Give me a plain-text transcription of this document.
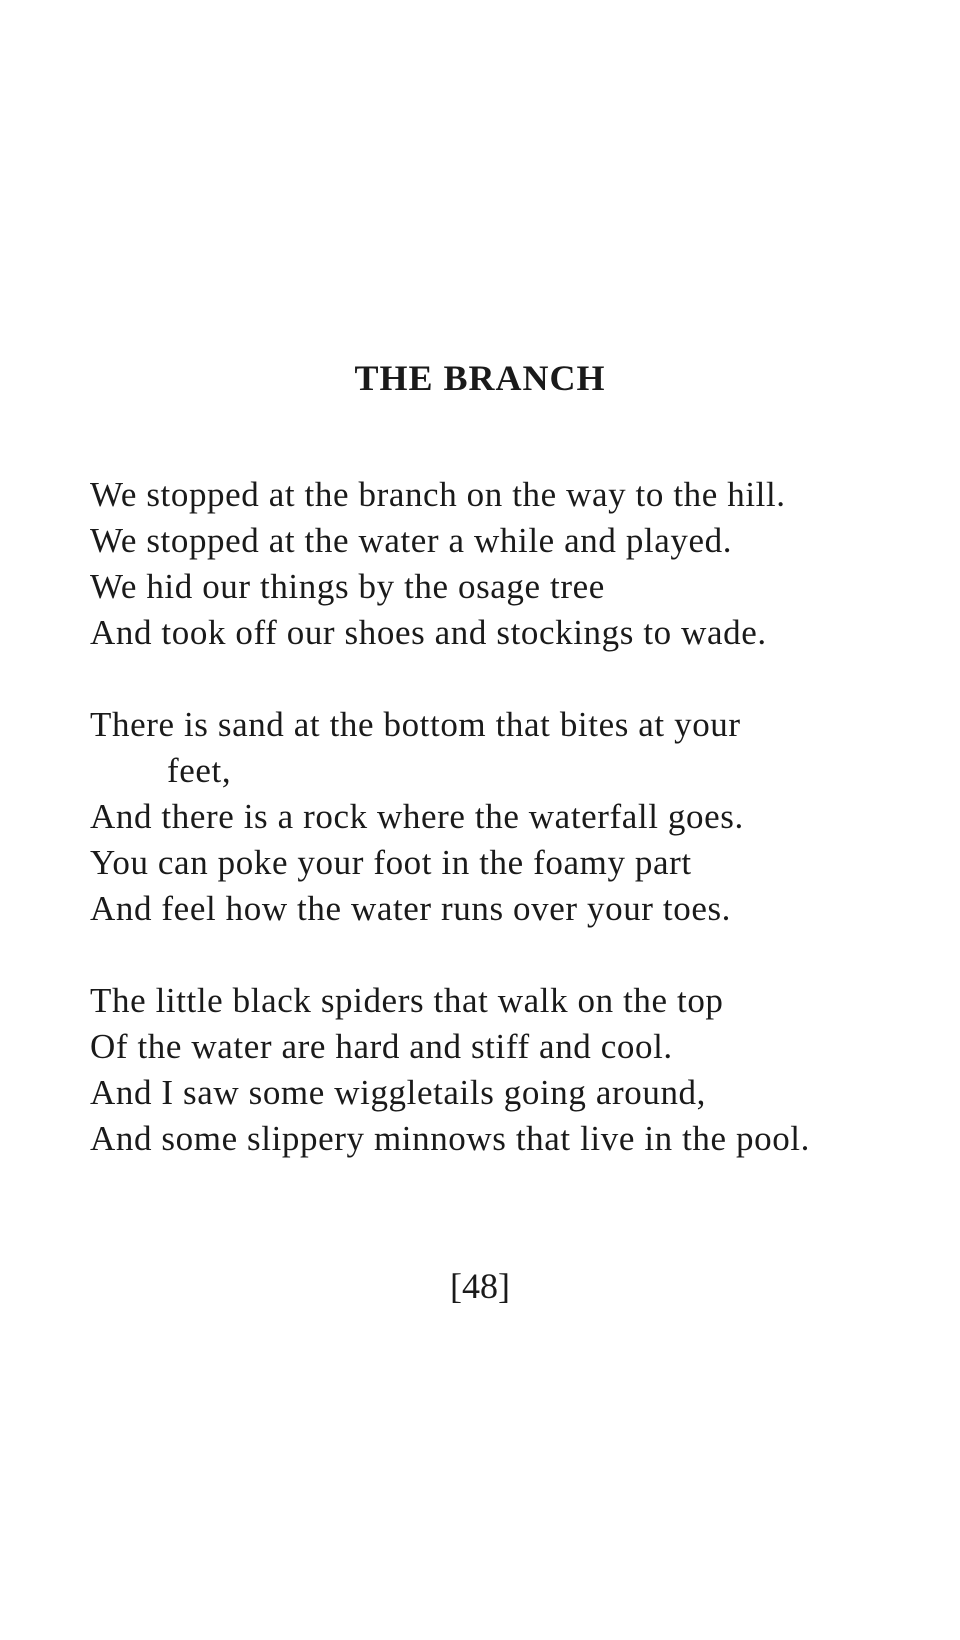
THE BRANCH
We stopped at the branch on the way to the hill.
We stopped at the water a while and played.
We hid our things by the osage tree
And took off our shoes and stockings to wade.
There is sand at the bottom that bites at your
feet,
And there is a rock where the waterfall goes.
You can poke your foot in the foamy part
And feel how the water runs over your toes.
The little black spiders that walk on the top
Of the water are hard and stiff and cool.
And I saw some wiggletails going around,
And some slippery minnows that live in the pool.
[48]
